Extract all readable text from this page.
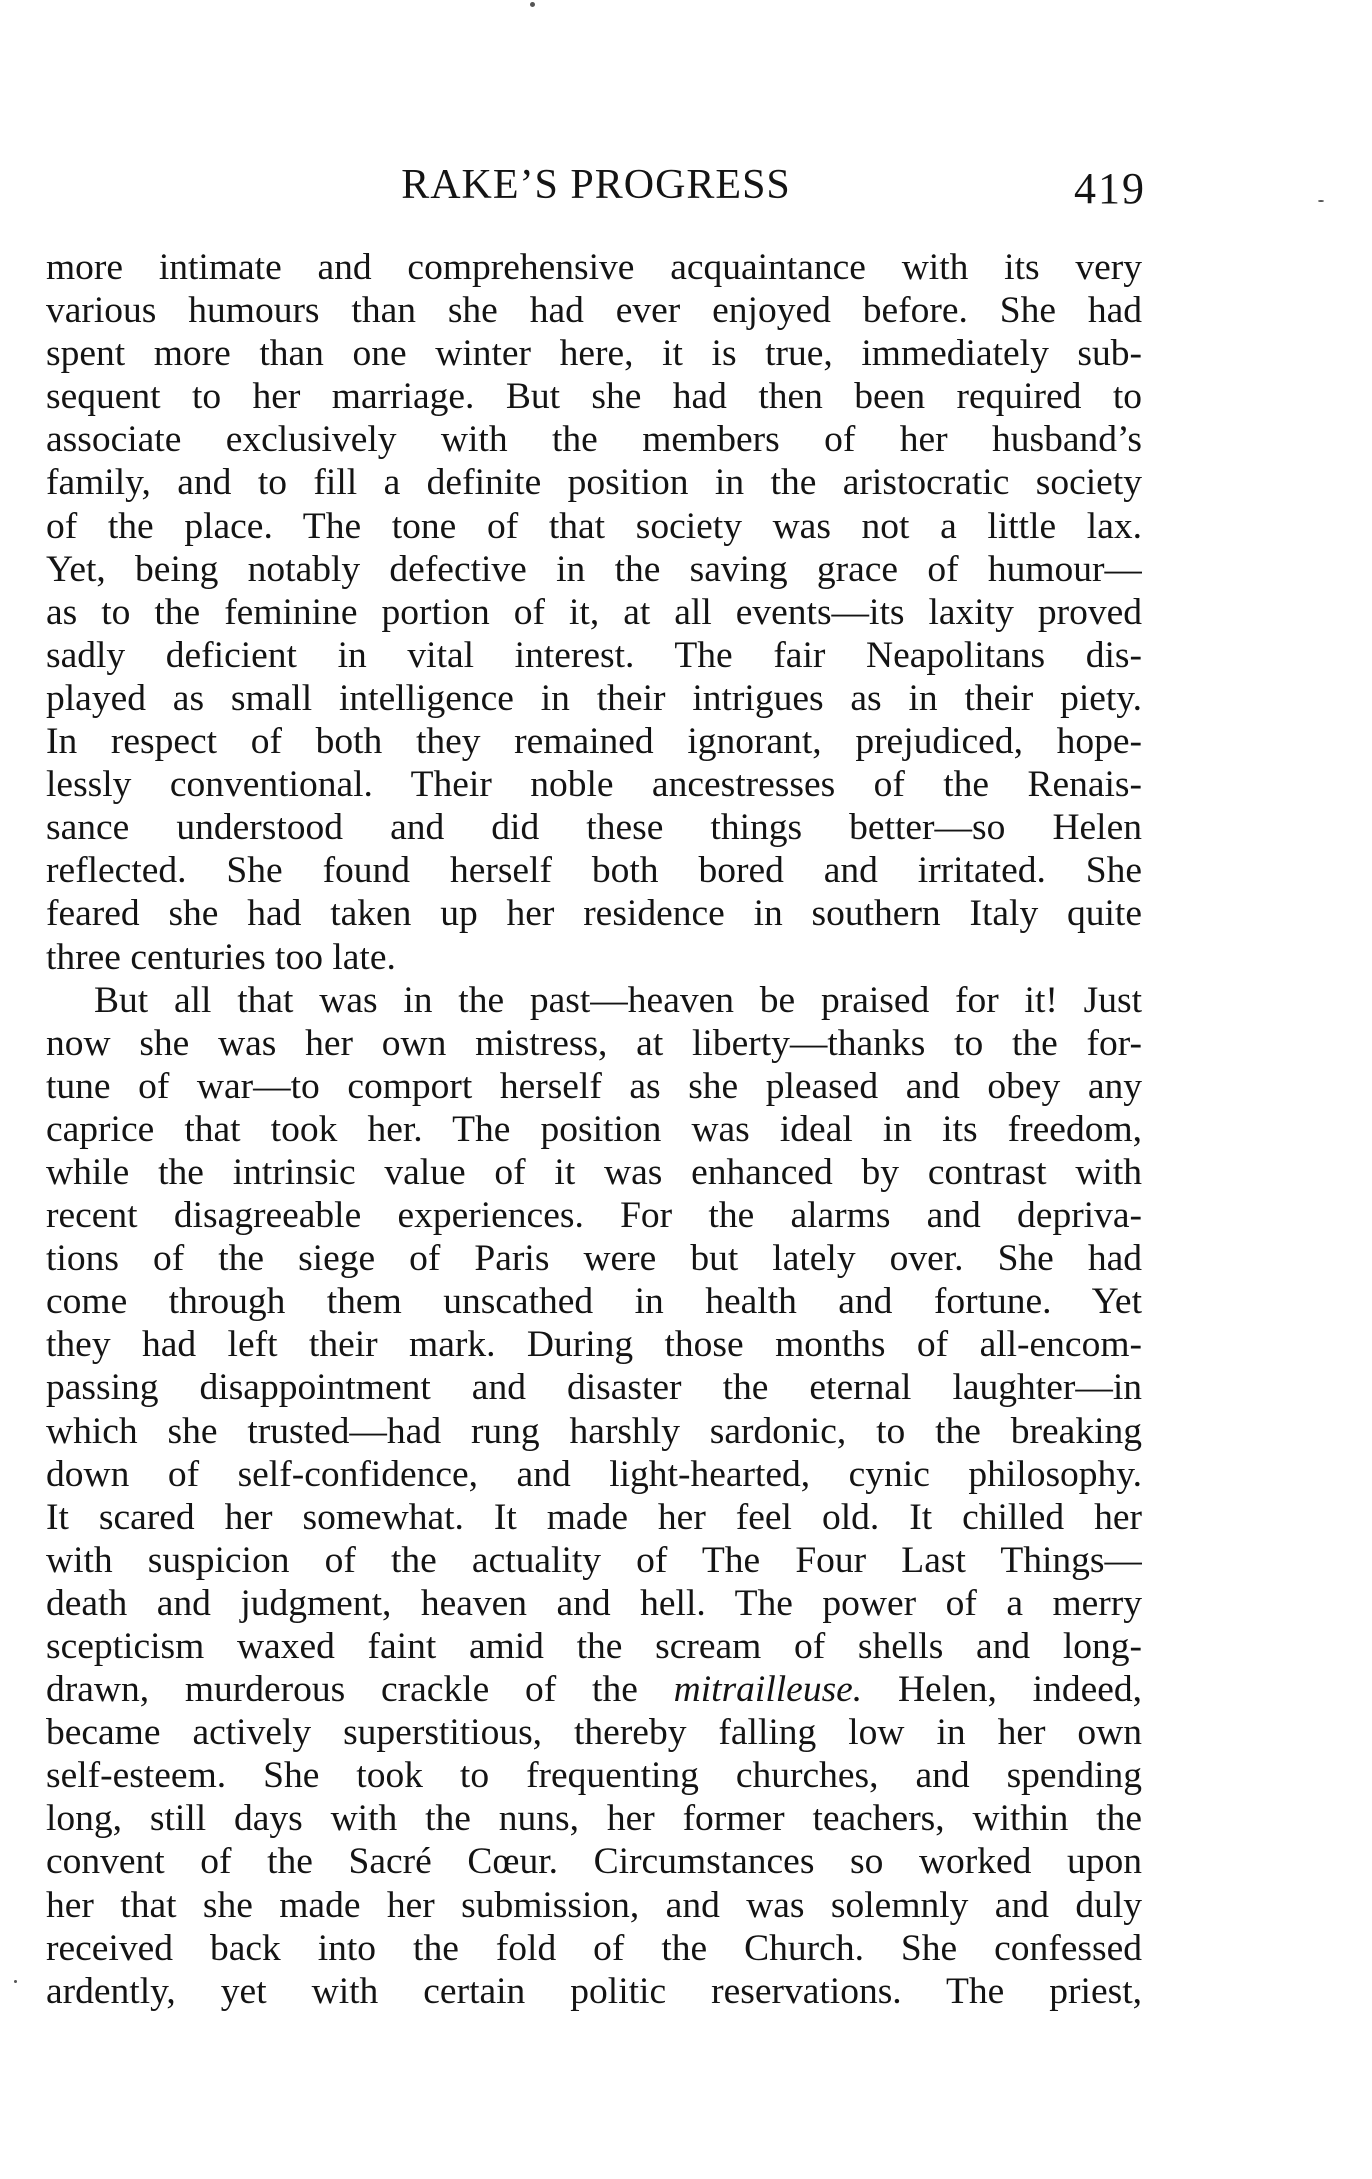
RAKE’S PROGRESS	419
more intimate and comprehensive acquaintance with its very
various humours than she had ever enjoyed before. She had
spent more than one winter here, it is true, immediately sub-
sequent to her marriage. But she had then been required to
associate exclusively with the members of her husband’s
family, and to fill a definite position in the aristocratic society
of the place. The tone of that society was not a little lax.
Yet, being notably defective in the saving grace of humour—
as to the feminine portion of it, at all events—its laxity proved
sadly deficient in vital interest. The fair Neapolitans dis-
played as small intelligence in their intrigues as in their piety.
In respect of both they remained ignorant, prejudiced, hope-
lessly conventional. Their noble ancestresses of the Renais-
sance understood and did these things better—so Helen
reflected. She found herself both bored and irritated. She
feared she had taken up her residence in southern Italy quite
three centuries too late.
But all that was in the past—heaven be praised for it! Just
now she was her own mistress, at liberty—thanks to the for-
tune of war—to comport herself as she pleased and obey any
caprice that took her. The position was ideal in its freedom,
while the intrinsic value of it was enhanced by contrast with
recent disagreeable experiences. For the alarms and depriva-
tions of the siege of Paris were but lately over. She had
come through them unscathed in health and fortune. Yet
they had left their mark. During those months of all-encom-
passing disappointment and disaster the eternal laughter—in
which she trusted—had rung harshly sardonic, to the breaking
down of self-confidence, and light-hearted, cynic philosophy.
It scared her somewhat. It made her feel old. It chilled her
with suspicion of the actuality of The Four Last Things—
death and judgment, heaven and hell. The power of a merry
scepticism waxed faint amid the scream of shells and long-
drawn, murderous crackle of the mitrailleuse. Helen, indeed,
became actively superstitious, thereby falling low in her own
self-esteem. She took to frequenting churches, and spending
long, still days with the nuns, her former teachers, within the
convent of the Sacré Cœur. Circumstances so worked upon
her that she made her submission, and was solemnly and duly
received back into the fold of the Church. She confessed
ardently, yet with certain politic reservations. The priest,
